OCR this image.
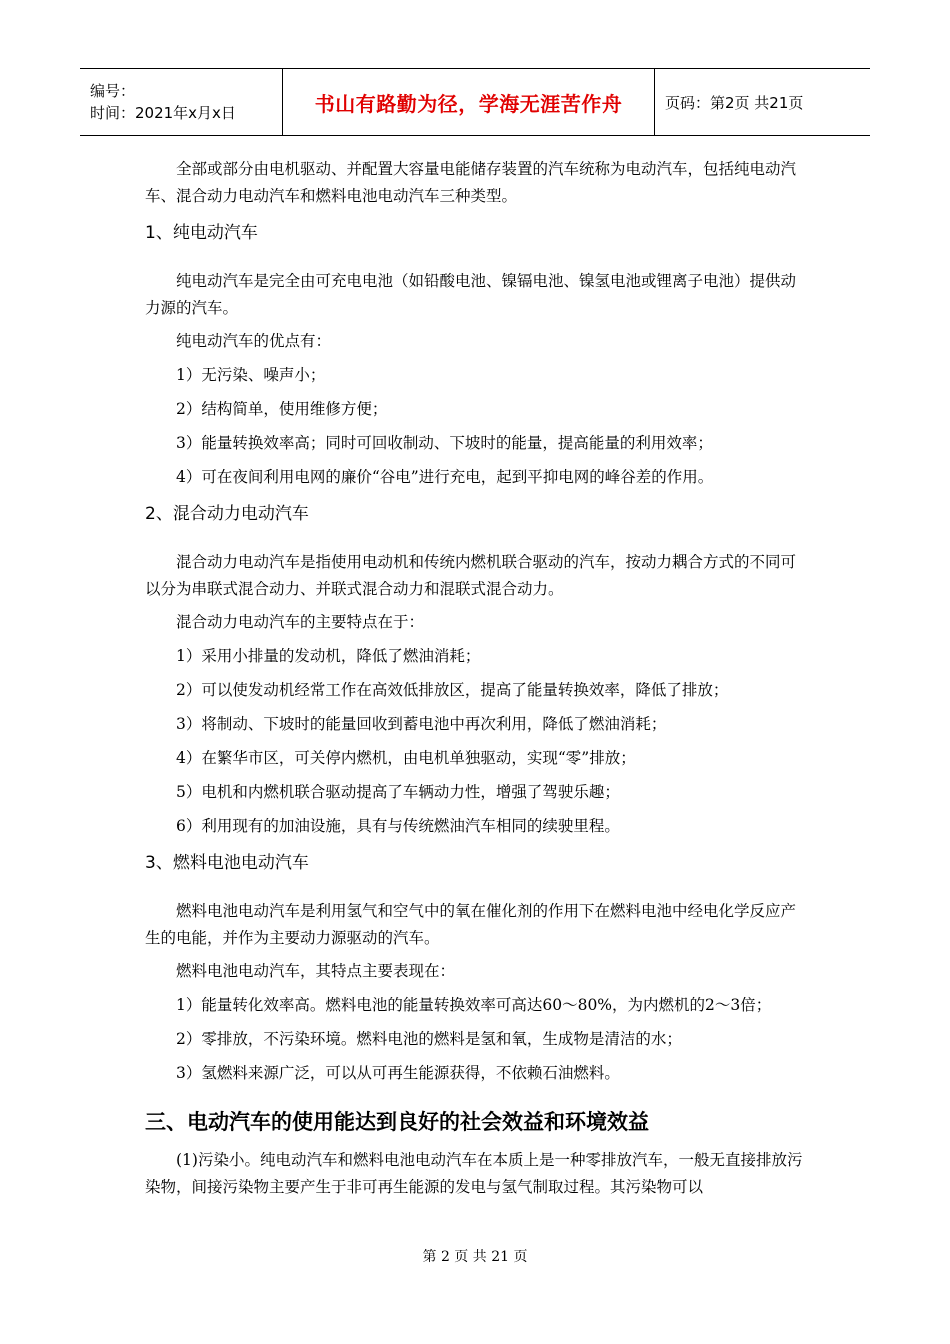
编号：
时间：2021年x月x日	书山有路勤为径，学海无涯苦作舟	页码：第2页 共21页

全部或部分由电机驱动、并配置大容量电能储存装置的汽车统称为电动汽车，包括纯电动汽车、混合动力电动汽车和燃料电池电动汽车三种类型。

1、纯电动汽车

纯电动汽车是完全由可充电电池（如铅酸电池、镍镉电池、镍氢电池或锂离子电池）提供动力源的汽车。

纯电动汽车的优点有：

1）无污染、噪声小；

2）结构简单，使用维修方便；

3）能量转换效率高；同时可回收制动、下坡时的能量，提高能量的利用效率；

4）可在夜间利用电网的廉价“谷电”进行充电，起到平抑电网的峰谷差的作用。

2、混合动力电动汽车

混合动力电动汽车是指使用电动机和传统内燃机联合驱动的汽车，按动力耦合方式的不同可以分为串联式混合动力、并联式混合动力和混联式混合动力。

混合动力电动汽车的主要特点在于：

1）采用小排量的发动机，降低了燃油消耗；

2）可以使发动机经常工作在高效低排放区，提高了能量转换效率，降低了排放；

3）将制动、下坡时的能量回收到蓄电池中再次利用，降低了燃油消耗；

4）在繁华市区，可关停内燃机，由电机单独驱动，实现“零”排放；

5）电机和内燃机联合驱动提高了车辆动力性，增强了驾驶乐趣；

6）利用现有的加油设施，具有与传统燃油汽车相同的续驶里程。

3、燃料电池电动汽车

燃料电池电动汽车是利用氢气和空气中的氧在催化剂的作用下在燃料电池中经电化学反应产生的电能，并作为主要动力源驱动的汽车。

燃料电池电动汽车，其特点主要表现在：

1）能量转化效率高。燃料电池的能量转换效率可高达60～80%，为内燃机的2～3倍；

2）零排放，不污染环境。燃料电池的燃料是氢和氧，生成物是清洁的水；

3）氢燃料来源广泛，可以从可再生能源获得，不依赖石油燃料。

三、电动汽车的使用能达到良好的社会效益和环境效益

(1)污染小。纯电动汽车和燃料电池电动汽车在本质上是一种零排放汽车，一般无直接排放污染物，间接污染物主要产生于非可再生能源的发电与氢气制取过程。其污染物可以

第 2 页 共 21 页
